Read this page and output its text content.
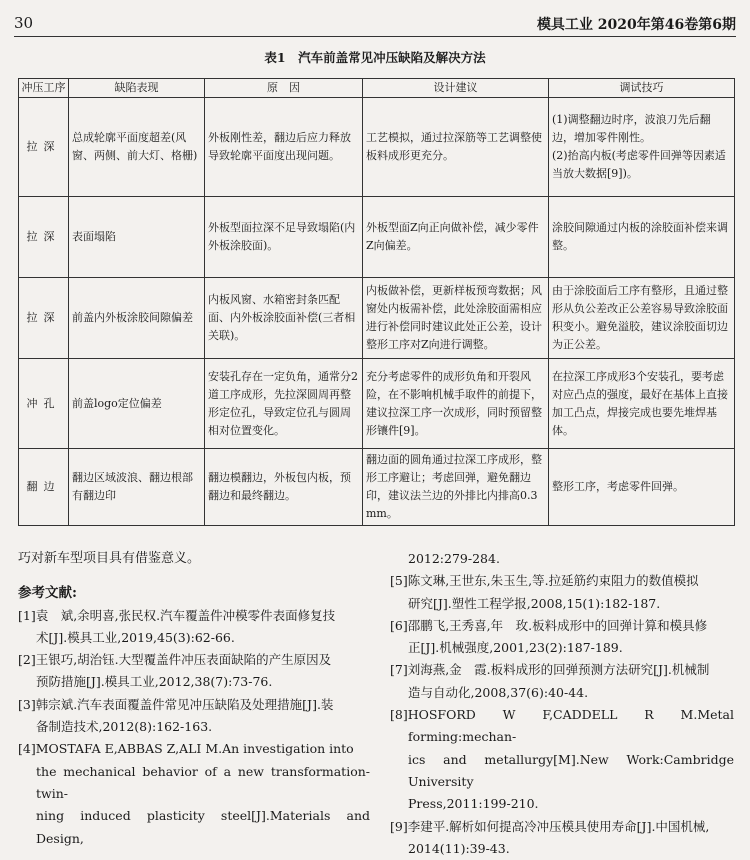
30	模具工业 2020年第46卷第6期
表1　汽车前盖常见冲压缺陷及解决方法
冲压工序	缺陷表现	原　因	设计建议	调试技巧
拉深	总成轮廓平面度超差(风窗、两侧、前大灯、格栅)	外板刚性差，翻边后应力释放导致轮廓平面度出现问题。	工艺模拟，通过拉深筋等工艺调整使板料成形更充分。	(1)调整翻边时序，波浪刀先后翻边，增加零件刚性。
(2)抬高内板(考虑零件回弹等因素适当放大数据[9])。
拉深	表面塌陷	外板型面拉深不足导致塌陷(内外板涂胶面)。	外板型面Z向正向做补偿，减少零件Z向偏差。	涂胶间隙通过内板的涂胶面补偿来调整。
拉深	前盖内外板涂胶间隙偏差	内板风窗、水箱密封条匹配面、内外板涂胶面补偿(三者相关联)。	内板做补偿，更新样板预弯数据；风窗处内板需补偿，此处涂胶面需相应进行补偿同时建议此处正公差，设计整形工序对Z向进行调整。	由于涂胶面后工序有整形，且通过整形从负公差改正公差容易导致涂胶面积变小。避免溢胶，建议涂胶面切边为正公差。
冲孔	前盖logo定位偏差	安装孔存在一定负角，通常分2道工序成形，先拉深圆周再整形定位孔，导致定位孔与圆周相对位置变化。	充分考虑零件的成形负角和开裂风险，在不影响机械手取件的前提下，建议拉深工序一次成形，同时预留整形镶件[9]。	在拉深工序成形3个安装孔，要考虑对应凸点的强度，最好在基体上直接加工凸点，焊接完成也要先堆焊基体。
翻边	翻边区域波浪、翻边根部有翻边印	翻边模翻边，外板包内板，预翻边和最终翻边。	翻边面的圆角通过拉深工序成形，整形工序避让；考虑回弹，避免翻边印，建议法兰边的外排比内排高0.3 mm。	整形工序，考虑零件回弹。

巧对新车型项目具有借鉴意义。

参考文献:

[1]袁　斌,余明喜,张民权.汽车覆盖件冲模零件表面修复技
术[J].模具工业,2019,45(3):62-66.

[2]王银巧,胡治钰.大型覆盖件冲压表面缺陷的产生原因及
预防措施[J].模具工业,2012,38(7):73-76.

[3]韩宗斌.汽车表面覆盖件常见冲压缺陷及处理措施[J].装
备制造技术,2012(8):162-163.

[4]MOSTAFA E,ABBAS Z,ALI M.An investigation into
the mechanical behavior of a new transformation-twin-
ning induced plasticity steel[J].Materials and Design,

2012:279-284.

[5]陈文琳,王世东,朱玉生,等.拉延筋约束阻力的数值模拟
研究[J].塑性工程学报,2008,15(1):182-187.

[6]邵鹏飞,王秀喜,年　玫.板料成形中的回弹计算和模具修
正[J].机械强度,2001,23(2):187-189.

[7]刘海燕,金　霞.板料成形的回弹预测方法研究[J].机械制
造与自动化,2008,37(6):40-44.

[8]HOSFORD W F,CADDELL R M.Metal forming:mechan-
ics and metallurgy[M].New Work:Cambridge University
Press,2011:199-210.

[9]李建平.解析如何提高冷冲压模具使用寿命[J].中国机械,
2014(11):39-43.
